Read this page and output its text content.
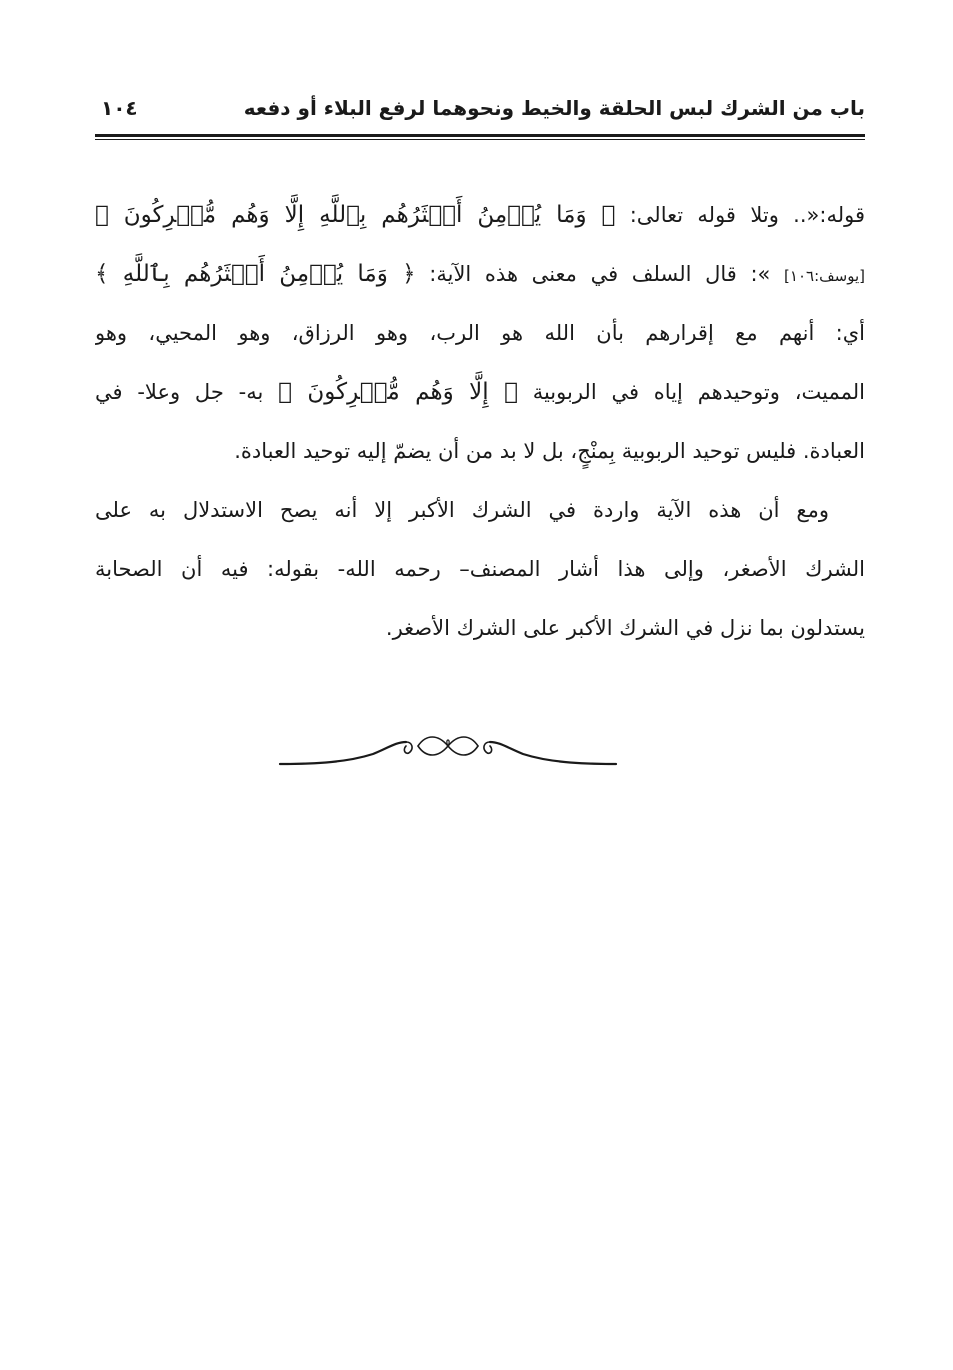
باب من الشرك لبس الحلقة والخيط ونحوهما لرفع البلاء أو دفعه
١٠٤
قوله:«.. وتلا قوله تعالى: ﴿ وَمَا يُؤۡمِنُ أَكۡثَرُهُم بِٱللَّهِ إِلَّا وَهُم مُّشۡرِكُونَ ﴾
[يوسف:١٠٦] »: قال السلف في معنى هذه الآية: ﴿ وَمَا يُؤۡمِنُ أَكۡثَرُهُم بِٱللَّهِ ﴾
أي: أنهم مع إقرارهم بأن الله هو الرب، وهو الرزاق، وهو المحيي، وهو
المميت، وتوحيدهم إياه في الربوبية ﴿ إِلَّا وَهُم مُّشۡرِكُونَ ﴾ به- جل وعلا- في
العبادة. فليس توحيد الربوبية بِمنْجٍ، بل لا بد من أن يضمّ إليه توحيد العبادة.
ومع أن هذه الآية واردة في الشرك الأكبر إلا أنه يصح الاستدلال به على
الشرك الأصغر، وإلى هذا أشار المصنف– رحمه الله- بقوله: فيه أن الصحابة
يستدلون بما نزل في الشرك الأكبر على الشرك الأصغر.
